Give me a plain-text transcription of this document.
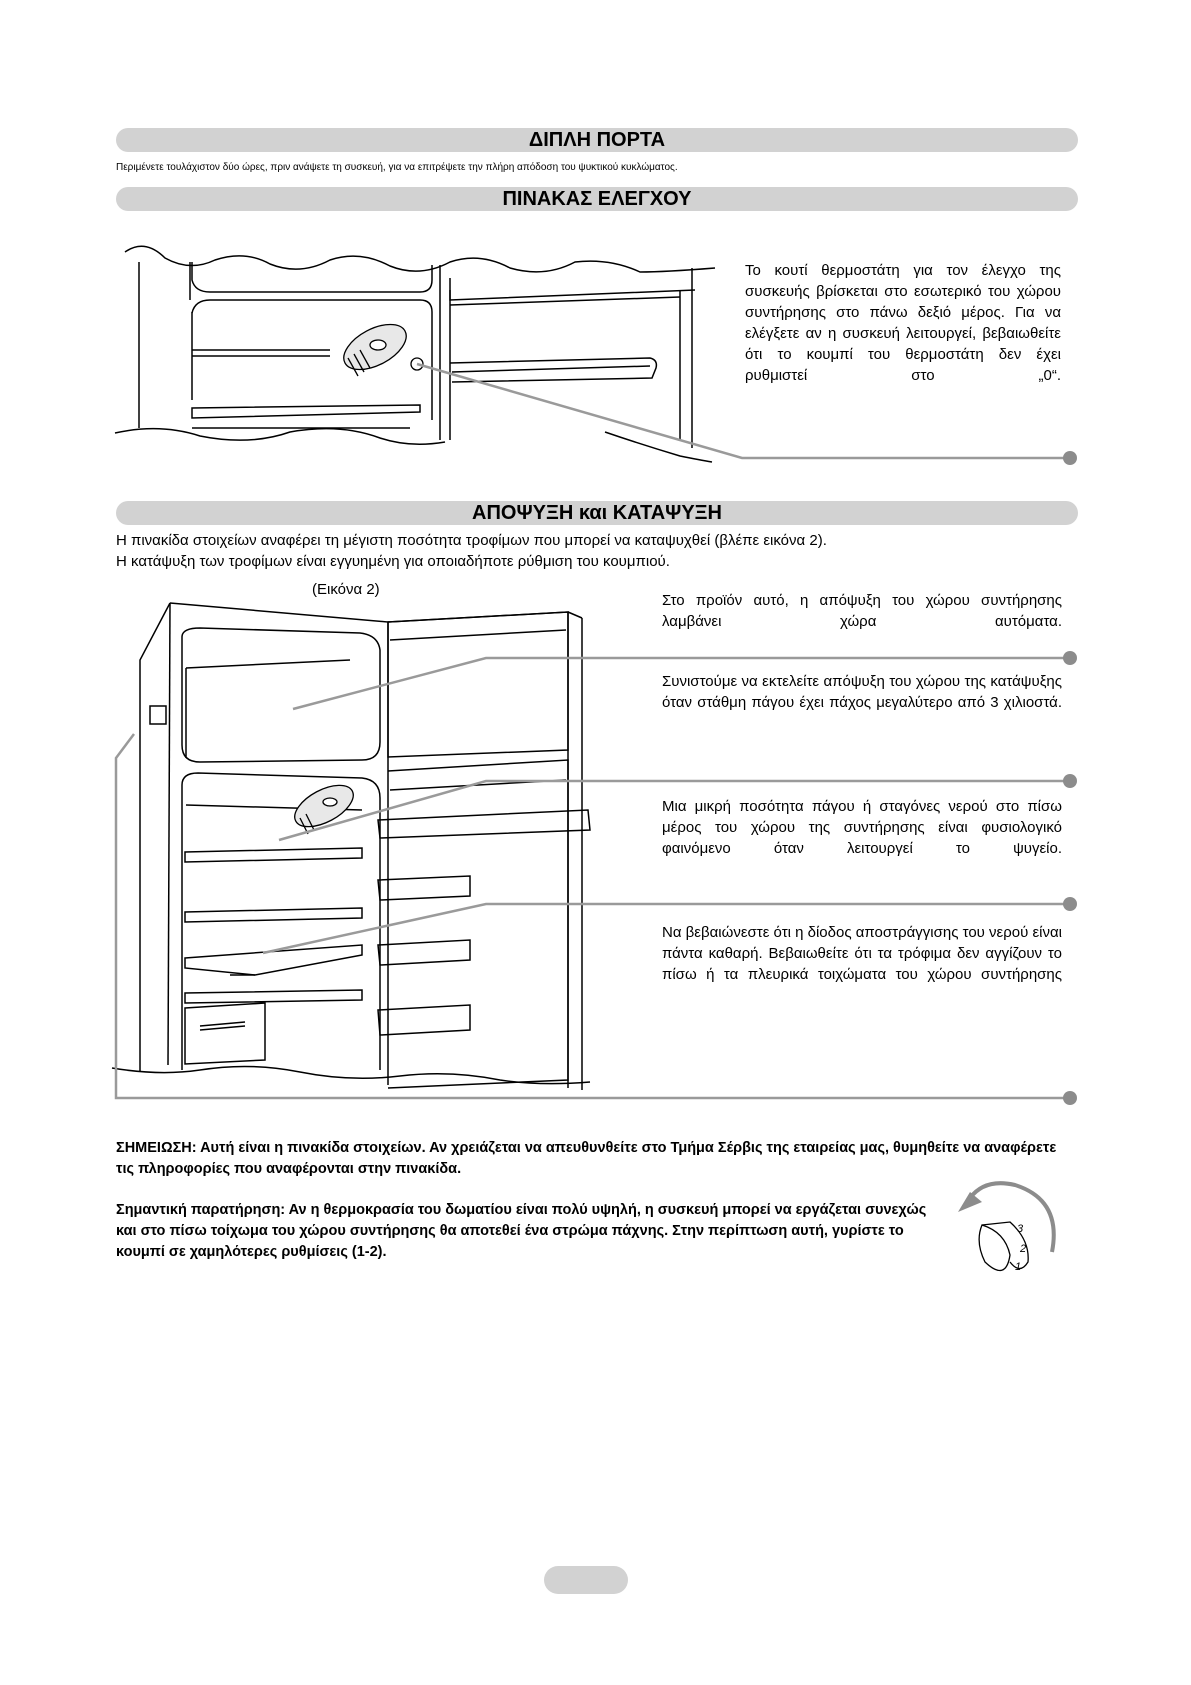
ΔΙΠΛΗ ΠΟΡΤΑ
Περιμένετε τουλάχιστον δύο ώρες, πριν ανάψετε τη συσκευή, για να επιτρέψετε την πλήρη απόδοση του ψυκτικού κυκλώματος.
ΠΙΝΑΚΑΣ ΕΛΕΓΧΟΥ
3
2
1
Το κουτί θερμοστάτη για τον έλεγχο της συσκευής βρίσκεται στο εσωτερικό του χώρου συντήρησης στο πάνω δεξιό μέρος. Για να ελέγξετε αν η συσκευή λειτουργεί, βεβαιωθείτε ότι το κουμπί του θερμοστάτη δεν έχει ρυθμιστεί στο „0“.
ΑΠΟΨΥΞΗ και ΚΑΤΑΨΥΞΗ
Η πινακίδα στοιχείων αναφέρει τη μέγιστη ποσότητα τροφίμων που μπορεί να καταψυχθεί (βλέπε εικόνα 2).
Η κατάψυξη των τροφίμων είναι εγγυημένη για οποιαδήποτε ρύθμιση του κουμπιού.
(Εικόνα 2)
Στο προϊόν αυτό, η απόψυξη του χώρου συντήρησης λαμβάνει χώρα αυτόματα.
Συνιστούμε να εκτελείτε απόψυξη του χώρου της κατάψυξης όταν στάθμη πάγου έχει πάχος μεγαλύτερο από 3 χιλιοστά.
Μια μικρή ποσότητα πάγου ή σταγόνες νερού στο πίσω μέρος του χώρου της συντήρησης είναι φυσιολογικό φαινόμενο όταν λειτουργεί το ψυγείο.
Να βεβαιώνεστε ότι η δίοδος αποστράγγισης του νερού είναι πάντα καθαρή. Βεβαιωθείτε ότι τα τρόφιμα δεν αγγίζουν το πίσω ή τα πλευρικά τοιχώματα του χώρου συντήρησης
ΣΗΜΕΙΩΣΗ: Αυτή είναι η πινακίδα στοιχείων. Αν χρειάζεται να απευθυνθείτε στο Τμήμα Σέρβις της εταιρείας μας, θυμηθείτε να αναφέρετε τις πληροφορίες που αναφέρονται στην πινακίδα.
Σημαντική παρατήρηση: Αν η θερμοκρασία του δωματίου είναι πολύ υψηλή, η συσκευή μπορεί να εργάζεται συνεχώς και στο πίσω τοίχωμα του χώρου συντήρησης θα αποτεθεί ένα στρώμα πάχνης. Στην περίπτωση αυτή, γυρίστε το κουμπί σε χαμηλότερες ρυθμίσεις (1-2).
